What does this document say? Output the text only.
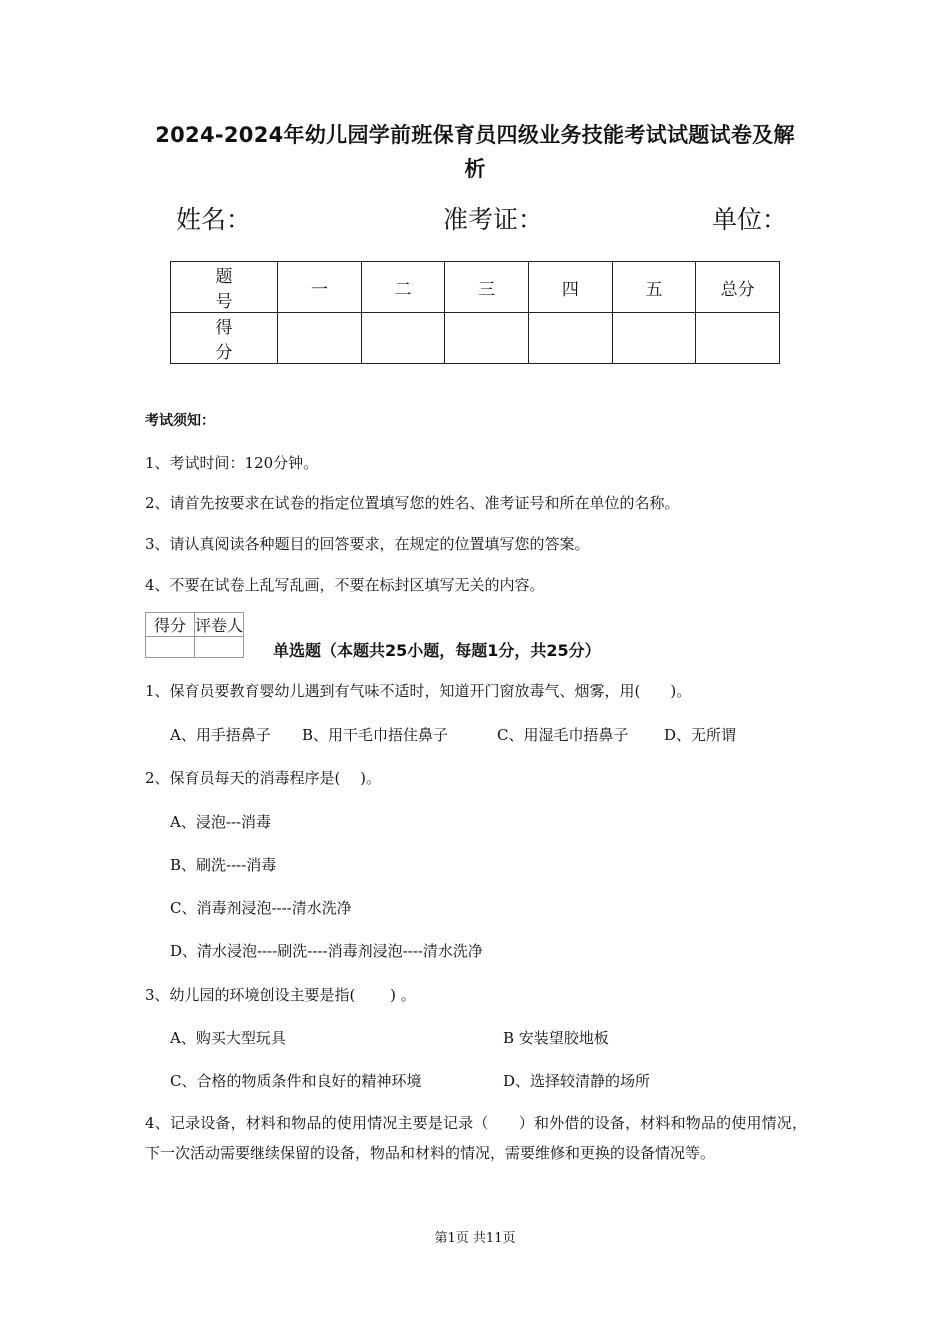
2024-2024年幼儿园学前班保育员四级业务技能考试试题试卷及解析
姓名：	准考证：	单位：
题 号	一	二	三	四	五	总分
得 分						
考试须知：
1、考试时间：120分钟。
2、请首先按要求在试卷的指定位置填写您的姓名、准考证号和所在单位的名称。
3、请认真阅读各种题目的回答要求，在规定的位置填写您的答案。
4、不要在试卷上乱写乱画，不要在标封区填写无关的内容。
得分	评卷人

单选题（本题共25小题，每题1分，共25分）
1、保育员要教育婴幼儿遇到有气味不适时，知道开门窗放毒气、烟雾，用(　　)。
A、用手捂鼻子 B、用干毛巾捂住鼻子	C、用湿毛巾捂鼻子 D、无所谓
2、保育员每天的消毒程序是(　 )。
A、浸泡---消毒
B、刷洗----消毒
C、消毒剂浸泡----清水洗净
D、清水浸泡----刷洗----消毒剂浸泡----清水洗净
3、幼儿园的环境创设主要是指(　　 ) 。
A、购买大型玩具	B 安装望胶地板
C、合格的物质条件和良好的精神环境	D、选择较清静的场所
4、记录设备，材料和物品的使用情况主要是记录（　　）和外借的设备，材料和物品的使用情况，下一次活动需要继续保留的设备，物品和材料的情况，需要维修和更换的设备情况等。
第1页 共11页
